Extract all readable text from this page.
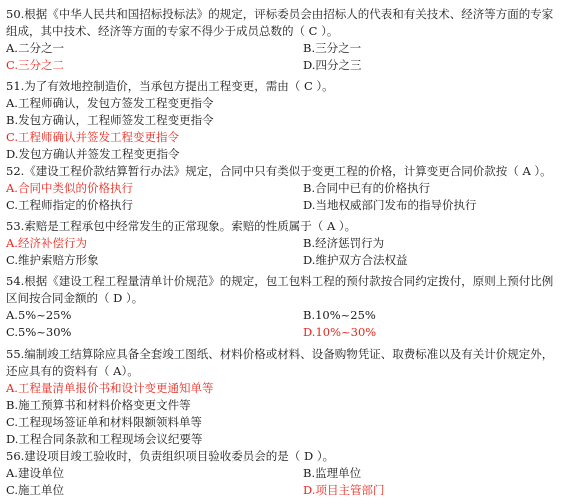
50.根据《中华人民共和国招标投标法》的规定，评标委员会由招标人的代表和有关技术、经济等方面的专家组成，其中技术、经济等方面的专家不得少于成员总数的（ C ）。

A.二分之一	B.三分之一
C.三分之二	D.四分之三

51.为了有效地控制造价，当承包方提出工程变更，需由（ C ）。

A.工程师确认，发包方签发工程变更指令
B.发包方确认，工程师签发工程变更指令
C.工程师确认并签发工程变更指令
D.发包方确认并签发工程变更指令

52.《建设工程价款结算暂行办法》规定，合同中只有类似于变更工程的价格，计算变更合同价款按（ A ）。

A.合同中类似的价格执行	B.合同中已有的价格执行
C.工程师指定的价格执行	D.当地权威部门发布的指导价执行

53.索赔是工程承包中经常发生的正常现象。索赔的性质属于（ A ）。

A.经济补偿行为	B.经济惩罚行为
C.维护索赔方形象	D.维护双方合法权益

54.根据《建设工程工程量清单计价规范》的规定，包工包料工程的预付款按合同约定拨付，原则上预付比例区间按合同金额的（ D ）。

A.5%~25%	B.10%~25%
C.5%~30%	D.10%~30%

55.编制竣工结算除应具备全套竣工图纸、材料价格或材料、设备购物凭证、取费标准以及有关计价规定外，还应具有的资料有（ A）。

A.工程量清单报价书和设计变更通知单等
B.施工预算书和材料价格变更文件等
C.工程现场签证单和材料限额领料单等
D.工程合同条款和工程现场会议纪要等

56.建设项目竣工验收时，负责组织项目验收委员会的是（ D ）。

A.建设单位	B.监理单位
C.施工单位	D.项目主管部门
